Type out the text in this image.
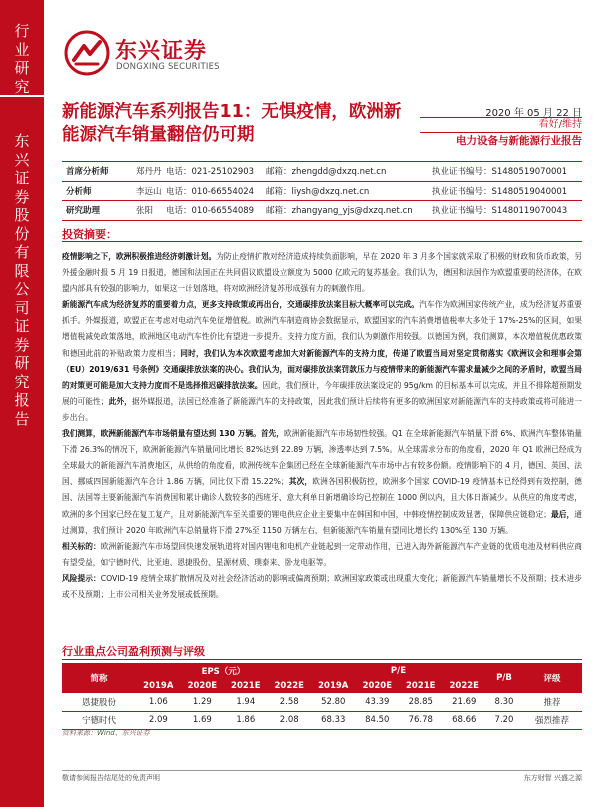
行业研究
东兴证券股份有限公司证券研究报告
东兴证券
DONGXING SECURITIES
新能源汽车系列报告11：无惧疫情，欧洲新能源汽车销量翻倍仍可期
2020 年 05 月 22 日
看好/维持
电力设备与新能源行业报告
首席分析师	郑丹丹 电话：021-25102903	邮箱：zhengdd@dxzq.net.cn	执业证书编号：S1480519070001
分析师	李远山 电话：010-66554024	邮箱：liysh@dxzq.net.cn	执业证书编号：S1480519040001
研究助理	张阳	电话：010-66554089	邮箱：zhangyang_yjs@dxzq.net.cn	执业证书编号：S1480119070043
投资摘要：

疫情影响之下，欧洲积极推进经济刺激计划。为防止疫情扩散对经济造成持续负面影响，早在 2020 年 3 月多个国家就采取了积极的财政和货币政策，另外援金融时报 5 月 19 日报道，德国和法国正在共同倡议欧盟设立额度为 5000 亿欧元的复苏基金。我们认为，德国和法国作为欧盟重要的经济体，在欧盟内部具有较强的影响力，如果这一计划落地，将对欧洲经济复苏形成强有力的刺激作用。

新能源汽车成为经济复苏的重要着力点，更多支持政策或再出台，交通碳排放法案目标大概率可以完成。汽车作为欧洲国家传统产业，成为经济复苏重要抓手。外媒报道，欧盟正在考虑对电动汽车免征增值税。欧洲汽车制造商协会数据显示，欧盟国家的汽车消费增值税率大多处于 17%-25%的区间，如果增值税减免政策落地，欧洲地区电动汽车性价比有望进一步提升。支持力度方面，我们认为刺激作用较强。以德国为例，我们测算，本次增值税优惠政策和德国此前的补贴政策力度相当；同时，我们认为本次欧盟考虑加大对新能源汽车的支持力度，传递了欧盟当局对坚定贯彻落实《欧洲议会和理事会第（EU）2019/631 号条例》交通碳排放法案的决心。我们认为，面对碳排放法案罚款压力与疫情带来的新能源汽车需求量减少之间的矛盾时，欧盟当局的对策更可能是加大支持力度而不是选择推迟碳排放法案。因此，我们预计，今年碳排放法案设定的 95g/km 的目标基本可以完成，并且不排除超预期发展的可能性；此外，据外媒报道，法国已经准备了新能源汽车的支持政策，因此我们预计后续将有更多的欧洲国家对新能源汽车的支持政策或将可能进一步出台。

我们测算，欧洲新能源汽车市场销量有望达到 130 万辆。首先，欧洲新能源汽车市场韧性较强。Q1 在全球新能源汽车销量下滑 6%、欧洲汽车整体销量下滑 26.3%的情况下，欧洲新能源汽车销量同比增长 82%达到 22.89 万辆，渗透率达到 7.5%。从全球需求分布的角度看，2020 年 Q1 欧洲已经成为全球最大的新能源汽车消费地区，从供给的角度看，欧洲传统车企集团已经在全球新能源汽车市场中占有较多份额。疫情影响下的 4 月，德国、英国、法国、挪威四国新能源汽车合计 1.86 万辆，同比仅下滑 15.22%；其次，欧洲各国积极防控，欧洲多个国家 COVID-19 疫情基本已经得到有效控制，德国、法国等主要新能源汽车消费国和累计确诊人数较多的西班牙、意大利单日新增确诊均已控制在 1000 例以内，且大体日渐减少。从供应的角度考虑，欧洲的多个国家已经在复工复产，且对新能源汽车至关重要的锂电供应企业主要集中在韩国和中国，中韩疫情控制成效显著，保障供应链稳定；最后，通过测算，我们预计 2020 年欧洲汽车总销量将下滑 27%至 1150 万辆左右，但新能源汽车销量有望同比增长约 130%至 130 万辆。

相关标的：欧洲新能源汽车市场望回快速发展轨道将对国内锂电和电机产业链起到一定带动作用，已进入海外新能源汽车产业链的优质电池及材料供应商有望受益，如宁德时代、比亚迪、恩捷股份、星源材质、璞泰来、卧龙电驱等。

风险提示：COVID-19 疫情全球扩散情况及对社会经济活动的影响或偏离预期；欧洲国家政策或出现重大变化；新能源汽车销量增长不及预期；技术进步或不及预期；上市公司相关业务发展或低预期。

行业重点公司盈利预测与评级
简称	EPS（元）				P/E				P/B	评级
	2019A	2020E	2021E	2022E	2019A	2020E	2021E	2022E		
恩捷股份	1.06	1.29	1.94	2.58	52.80	43.39	28.85	21.69	8.30	推荐
宁德时代	2.09	1.69	1.86	2.08	68.33	84.50	76.78	68.66	7.20	强烈推荐
资料来源：Wind、东兴证券
敬请参阅报告结尾处的免责声明	东方财智 兴盛之源
